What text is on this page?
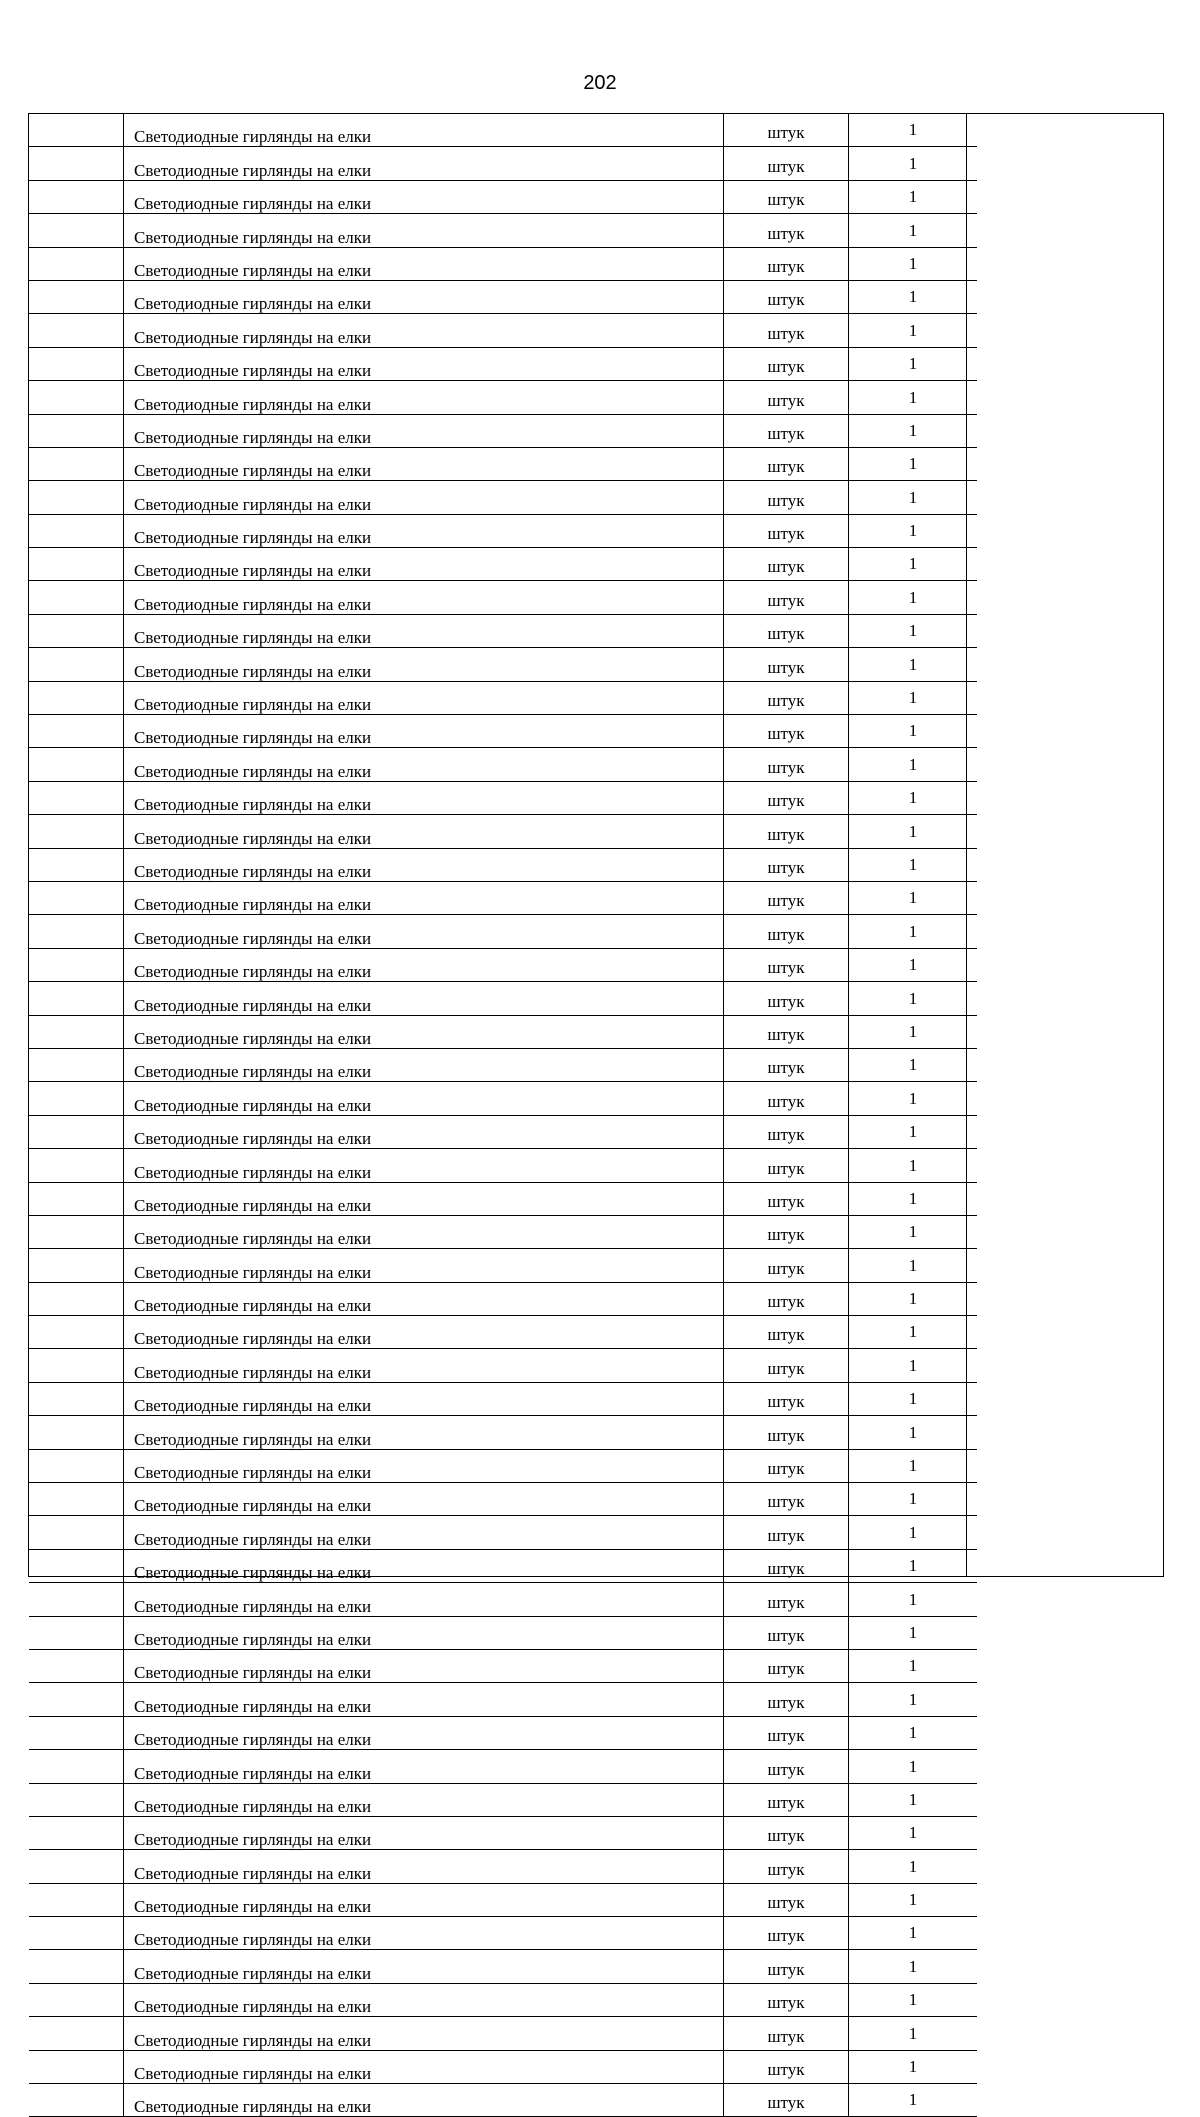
202
	Светодиодные гирлянды на елки	штук	1
	Светодиодные гирлянды на елки	штук	1
	Светодиодные гирлянды на елки	штук	1
	Светодиодные гирлянды на елки	штук	1
	Светодиодные гирлянды на елки	штук	1
	Светодиодные гирлянды на елки	штук	1
	Светодиодные гирлянды на елки	штук	1
	Светодиодные гирлянды на елки	штук	1
	Светодиодные гирлянды на елки	штук	1
	Светодиодные гирлянды на елки	штук	1
	Светодиодные гирлянды на елки	штук	1
	Светодиодные гирлянды на елки	штук	1
	Светодиодные гирлянды на елки	штук	1
	Светодиодные гирлянды на елки	штук	1
	Светодиодные гирлянды на елки	штук	1
	Светодиодные гирлянды на елки	штук	1
	Светодиодные гирлянды на елки	штук	1
	Светодиодные гирлянды на елки	штук	1
	Светодиодные гирлянды на елки	штук	1
	Светодиодные гирлянды на елки	штук	1
	Светодиодные гирлянды на елки	штук	1
	Светодиодные гирлянды на елки	штук	1
	Светодиодные гирлянды на елки	штук	1
	Светодиодные гирлянды на елки	штук	1
	Светодиодные гирлянды на елки	штук	1
	Светодиодные гирлянды на елки	штук	1
	Светодиодные гирлянды на елки	штук	1
	Светодиодные гирлянды на елки	штук	1
	Светодиодные гирлянды на елки	штук	1
	Светодиодные гирлянды на елки	штук	1
	Светодиодные гирлянды на елки	штук	1
	Светодиодные гирлянды на елки	штук	1
	Светодиодные гирлянды на елки	штук	1
	Светодиодные гирлянды на елки	штук	1
	Светодиодные гирлянды на елки	штук	1
	Светодиодные гирлянды на елки	штук	1
	Светодиодные гирлянды на елки	штук	1
	Светодиодные гирлянды на елки	штук	1
	Светодиодные гирлянды на елки	штук	1
	Светодиодные гирлянды на елки	штук	1
	Светодиодные гирлянды на елки	штук	1
	Светодиодные гирлянды на елки	штук	1
	Светодиодные гирлянды на елки	штук	1
	Светодиодные гирлянды на елки	штук	1
	Светодиодные гирлянды на елки	штук	1
	Светодиодные гирлянды на елки	штук	1
	Светодиодные гирлянды на елки	штук	1
	Светодиодные гирлянды на елки	штук	1
	Светодиодные гирлянды на елки	штук	1
	Светодиодные гирлянды на елки	штук	1
	Светодиодные гирлянды на елки	штук	1
	Светодиодные гирлянды на елки	штук	1
	Светодиодные гирлянды на елки	штук	1
	Светодиодные гирлянды на елки	штук	1
	Светодиодные гирлянды на елки	штук	1
	Светодиодные гирлянды на елки	штук	1
	Светодиодные гирлянды на елки	штук	1
	Светодиодные гирлянды на елки	штук	1
	Светодиодные гирлянды на елки	штук	1
	Светодиодные гирлянды на елки	штук	1
